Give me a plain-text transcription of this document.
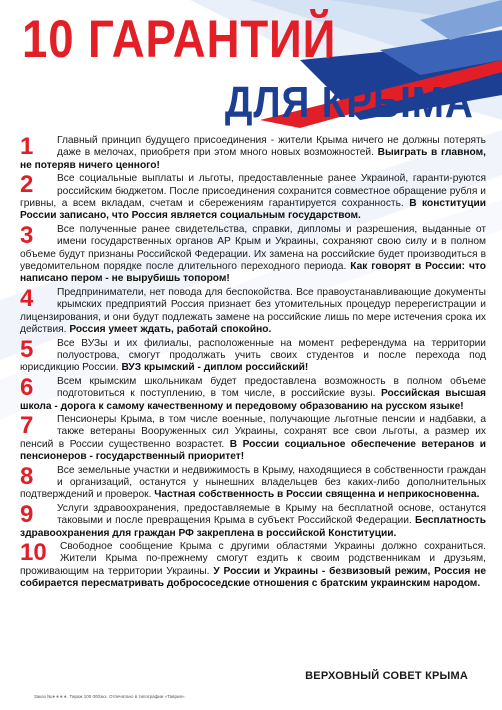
10 ГАРАНТИЙ
ДЛЯ КРЫМА
1	Главный принцип будущего присоединения - жители Крыма ничего не должны потерять даже в мелочах, приобретя при этом много новых возможностей. Выиграть в главном, не потеряв ничего ценного!

2	Все социальные выплаты и льготы, предоставленные ранее Украиной, гаранти-руются российским бюджетом. После присоединения сохранится совместное обращение рубля и гривны, а всем вкладам, счетам и сбережениям гарантируется сохранность. В конституции России записано, что Россия является социальным государством.

3	Все полученные ранее свидетельства, справки, дипломы и разрешения, выданные от имени государственных органов АР Крым и Украины, сохраняют свою силу и в полном объеме будут признаны Российской Федерации. Их замена на российские будет производиться в уведомительном порядке после длительного переходного периода. Как говорят в России: что написано пером - не вырубишь топором!

4	Предприниматели, нет повода для беспокойства. Все правоустанавливающие документы крымских предприятий Россия признает без утомительных процедур перерегистрации и лицензирования, и они будут подлежать замене на российские лишь по мере истечения срока их действия. Россия умеет ждать, работай спокойно.

5	Все ВУЗы и их филиалы, расположенные на момент референдума на территории полуострова, смогут продолжать учить своих студентов и после перехода под юрисдикцию России. ВУЗ крымский - диплом российский!

6	Всем крымским школьникам будет предоставлена возможность в полном объеме подготовиться к поступлению, в том числе, в российские вузы. Российская высшая школа - дорога к самому качественному и передовому образованию на русском языке!

7	Пенсионеры Крыма, в том числе военные, получающие льготные пенсии и надбавки, а также ветераны Вооруженных сил Украины, сохранят все свои льготы, а размер их пенсий в России существенно возрастет. В России социальное обеспечение ветеранов и пенсионеров - государственный приоритет!

8	Все земельные участки и недвижимость в Крыму, находящиеся в собственности граждан и организаций, останутся у нынешних владельцев без каких-либо дополнительных подтверждений и проверок. Частная собственность в России священна и неприкосновенна.

9	Услуги здравоохранения, предоставляемые в Крыму на бесплатной основе, останутся таковыми и после превращения Крыма в субъект Российской Федерации. Бесплатность здравоохранения для граждан РФ закреплена в российской Конституции.

10	Свободное сообщение Крыма с другими областями Украины должно сохраниться. Жители Крыма по-прежнему смогут ездить к своим родственникам и друзьям, проживающим на территории Украины. У России и Украины - безвизовый режим, Россия не собирается пересматривать добрососедские отношения с братским украинским народом.

ВЕРХОВНЫЙ СОВЕТ КРЫМА
Заказ №∗∗∗∗. Тираж 100 000экз. Отпечатано в типографии «Таврия».
